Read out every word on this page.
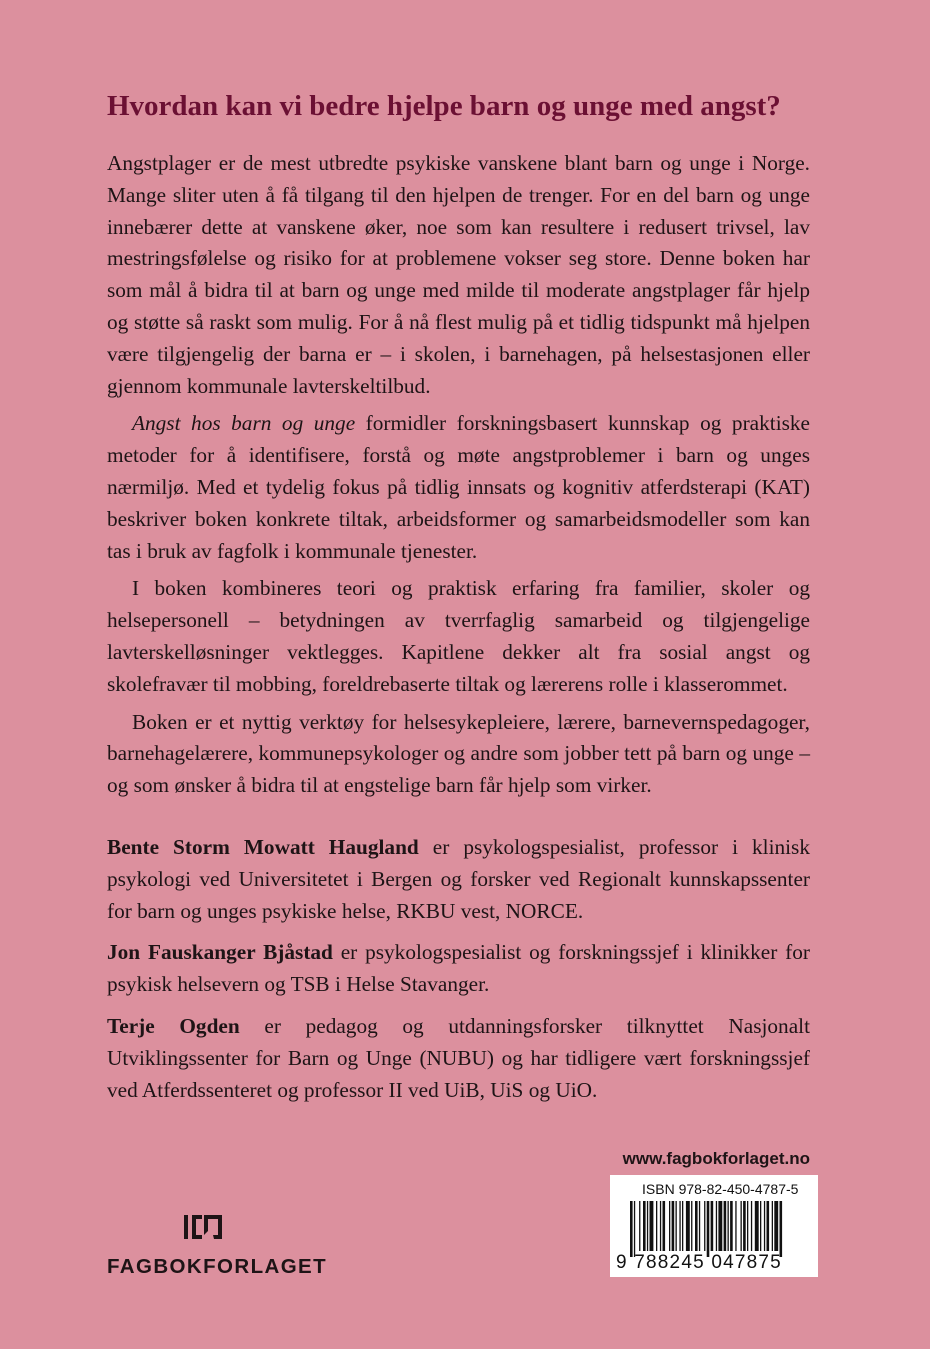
Hvordan kan vi bedre hjelpe barn og unge med angst?

Angstplager er de mest utbredte psykiske vanskene blant barn og unge i Norge. Mange sliter uten å få tilgang til den hjelpen de trenger. For en del barn og unge innebærer dette at vanskene øker, noe som kan resultere i redusert trivsel, lav mestringsfølelse og risiko for at problemene vokser seg store. Denne boken har som mål å bidra til at barn og unge med milde til moderate angstplager får hjelp og støtte så raskt som mulig. For å nå flest mulig på et tidlig tidspunkt må hjelpen være tilgjengelig der barna er – i skolen, i barnehagen, på helsestasjonen eller gjennom kommunale lavterskeltilbud.

Angst hos barn og unge formidler forskningsbasert kunnskap og praktiske metoder for å identifisere, forstå og møte angstproblemer i barn og unges nærmiljø. Med et tydelig fokus på tidlig innsats og kognitiv atferdsterapi (KAT) beskriver boken konkrete tiltak, arbeidsformer og samarbeidsmodeller som kan tas i bruk av fagfolk i kommunale tjenester.

I boken kombineres teori og praktisk erfaring fra familier, skoler og helsepersonell – betydningen av tverrfaglig samarbeid og tilgjengelige lavterskelløsninger vektlegges. Kapitlene dekker alt fra sosial angst og skolefravær til mobbing, foreldrebaserte tiltak og lærerens rolle i klasserommet.

Boken er et nyttig verktøy for helsesykepleiere, lærere, barnevernspedagoger, barnehagelærere, kommunepsykologer og andre som jobber tett på barn og unge – og som ønsker å bidra til at engstelige barn får hjelp som virker.

Bente Storm Mowatt Haugland er psykologspesialist, professor i klinisk psykologi ved Universitetet i Bergen og forsker ved Regionalt kunnskapssenter for barn og unges psykiske helse, RKBU vest, NORCE.

Jon Fauskanger Bjåstad er psykologspesialist og forskningssjef i klinikker for psykisk helsevern og TSB i Helse Stavanger.

Terje Ogden er pedagog og utdanningsforsker tilknyttet Nasjonalt Utviklingssenter for Barn og Unge (NUBU) og har tidligere vært forskningssjef ved Atferdssenteret og professor II ved UiB, UiS og UiO.

www.fagbokforlaget.no
ISBN 978-82-450-4787-5
9 788245 047875
FAGBOKFORLAGET
